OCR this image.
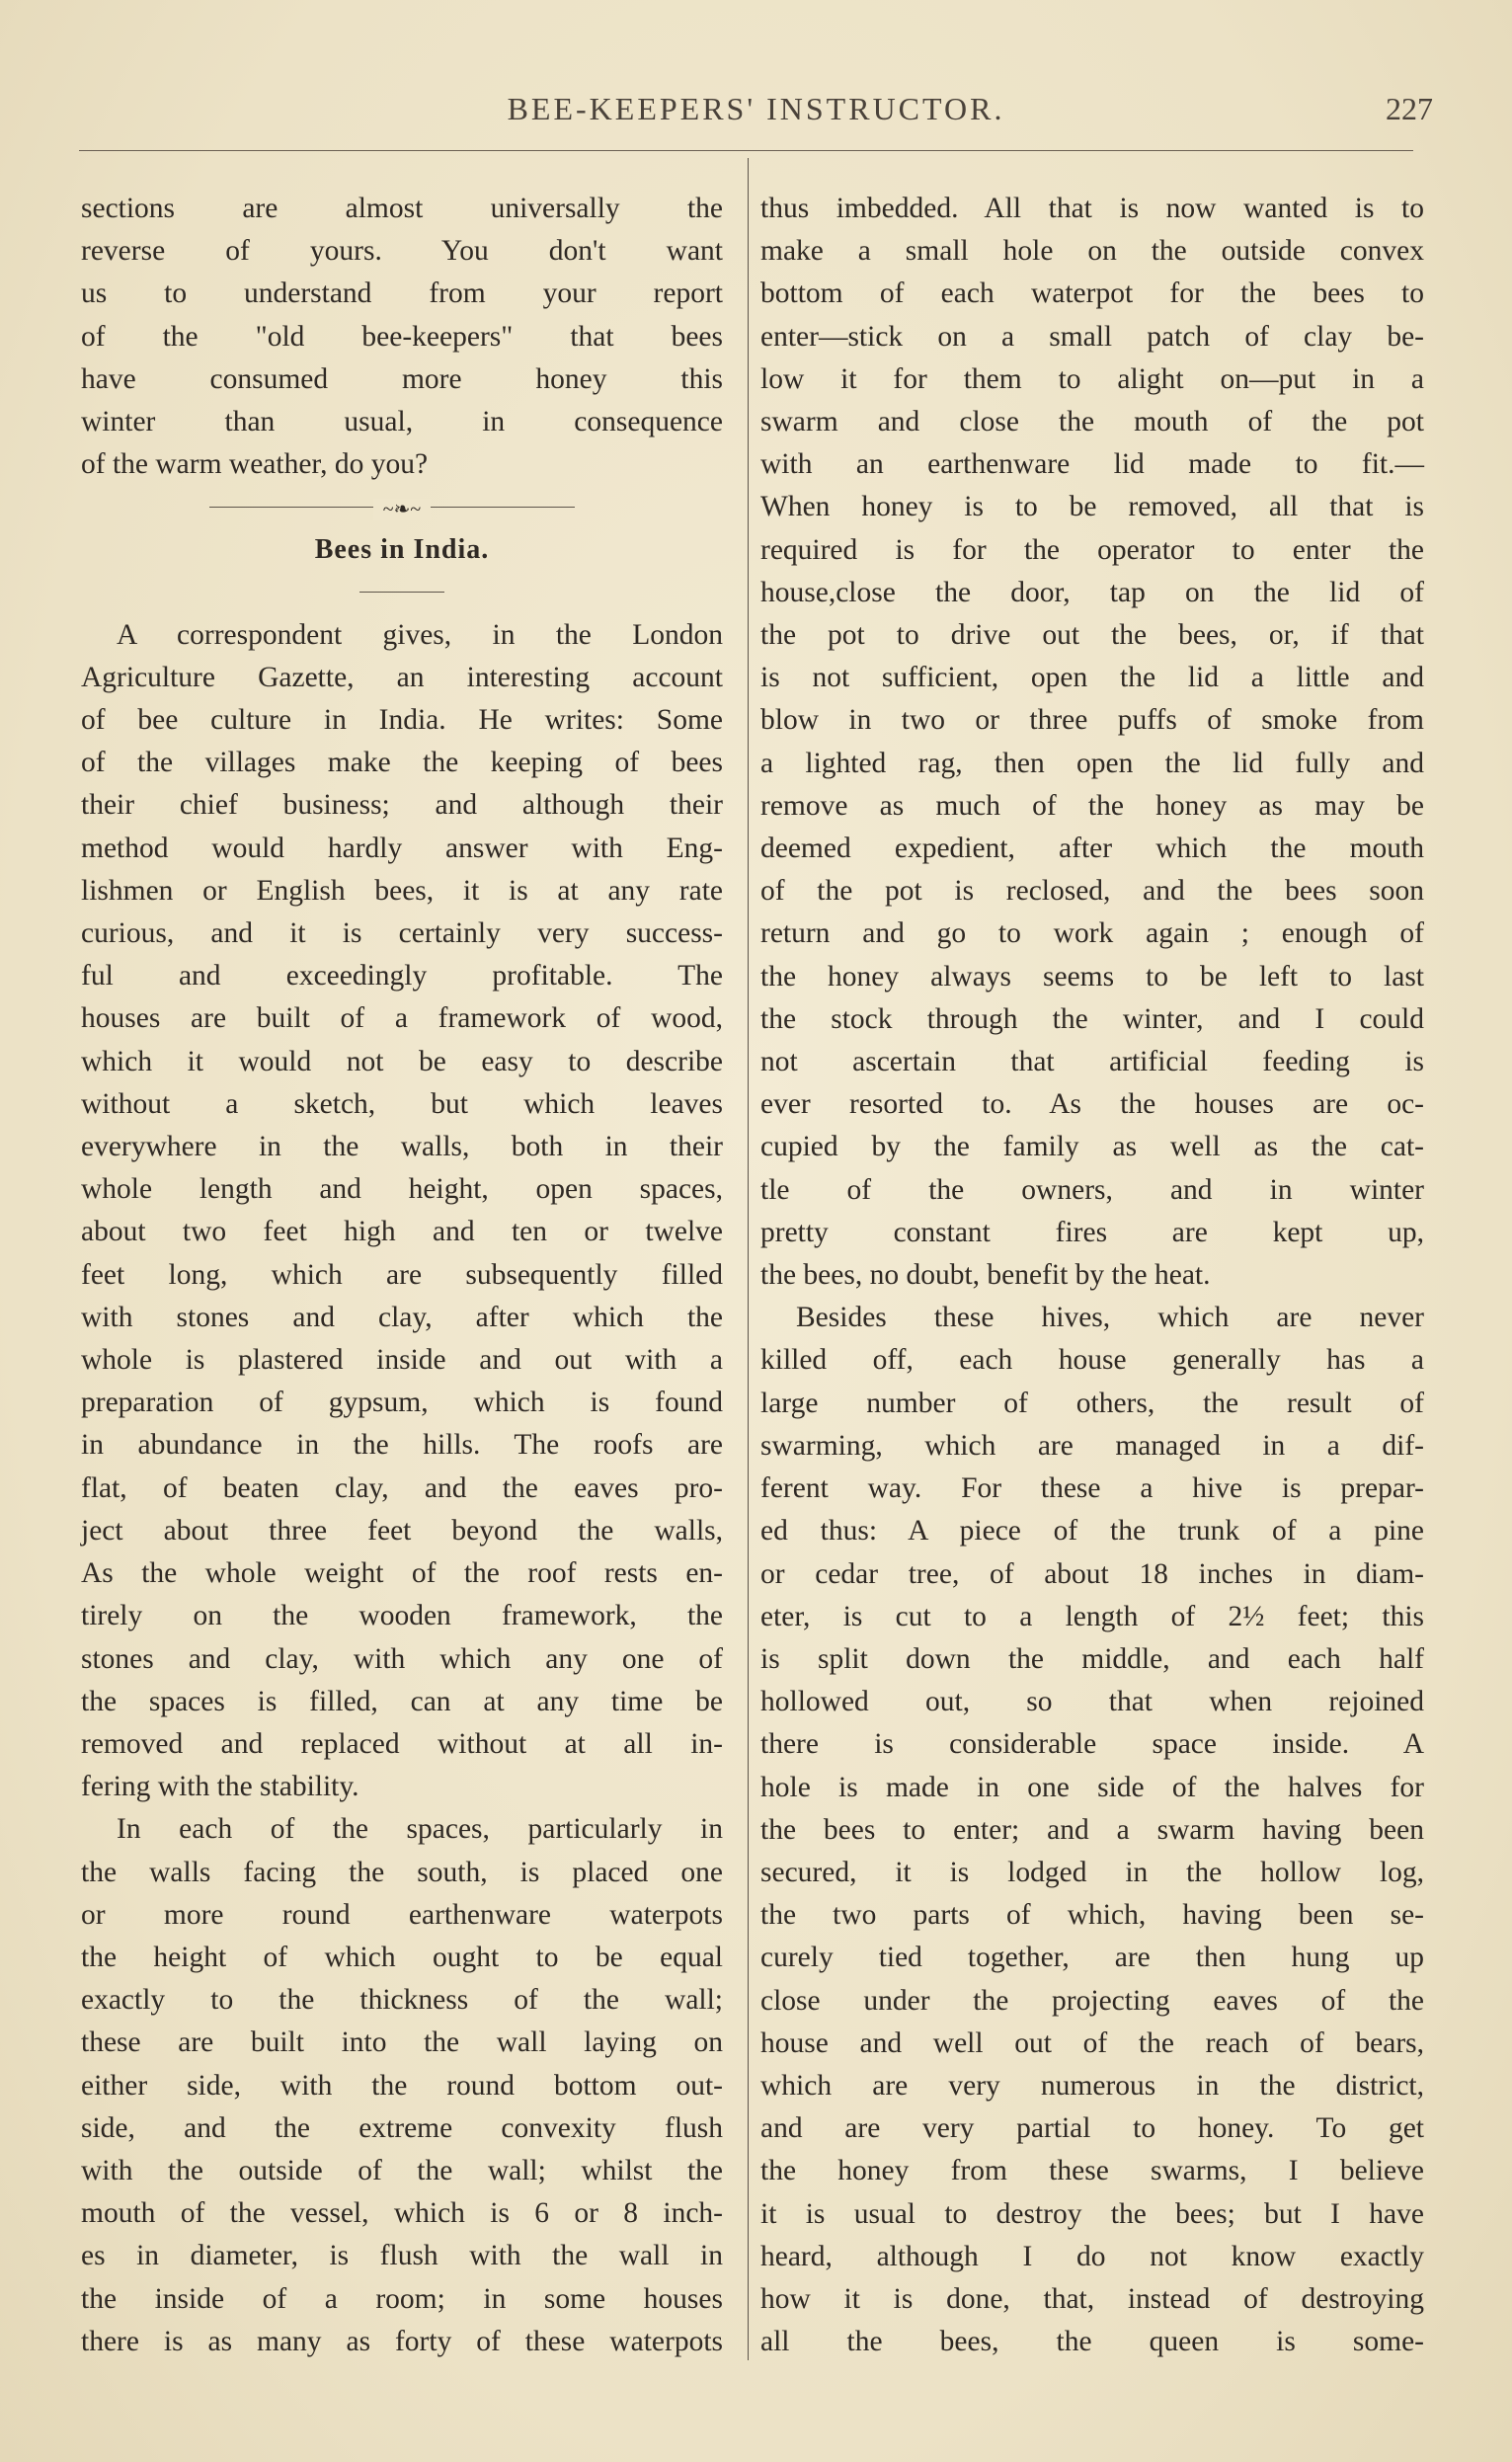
BEE-KEEPERS' INSTRUCTOR.	227
sections are almost universally the
reverse of yours. You don't want
us to understand from your report
of the "old bee-keepers" that bees
have consumed more honey this
winter than usual, in consequence
of the warm weather, do you?
~❧~
Bees in India.
A correspondent gives, in the London
Agriculture Gazette, an interesting account
of bee culture in India. He writes: Some
of the villages make the keeping of bees
their chief business; and although their
method would hardly answer with Eng-
lishmen or English bees, it is at any rate
curious, and it is certainly very success-
ful and exceedingly profitable. The
houses are built of a framework of wood,
which it would not be easy to describe
without a sketch, but which leaves
everywhere in the walls, both in their
whole length and height, open spaces,
about two feet high and ten or twelve
feet long, which are subsequently filled
with stones and clay, after which the
whole is plastered inside and out with a
preparation of gypsum, which is found
in abundance in the hills. The roofs are
flat, of beaten clay, and the eaves pro-
ject about three feet beyond the walls,
As the whole weight of the roof rests en-
tirely on the wooden framework, the
stones and clay, with which any one of
the spaces is filled, can at any time be
removed and replaced without at all in-
fering with the stability.
In each of the spaces, particularly in
the walls facing the south, is placed one
or more round earthenware waterpots
the height of which ought to be equal
exactly to the thickness of the wall;
these are built into the wall laying on
either side, with the round bottom out-
side, and the extreme convexity flush
with the outside of the wall; whilst the
mouth of the vessel, which is 6 or 8 inch-
es in diameter, is flush with the wall in
the inside of a room; in some houses
there is as many as forty of these waterpots
thus imbedded. All that is now wanted is to
make a small hole on the outside convex
bottom of each waterpot for the bees to
enter—stick on a small patch of clay be-
low it for them to alight on—put in a
swarm and close the mouth of the pot
with an earthenware lid made to fit.—
When honey is to be removed, all that is
required is for the operator to enter the
house,close the door, tap on the lid of
the pot to drive out the bees, or, if that
is not sufficient, open the lid a little and
blow in two or three puffs of smoke from
a lighted rag, then open the lid fully and
remove as much of the honey as may be
deemed expedient, after which the mouth
of the pot is reclosed, and the bees soon
return and go to work again ; enough of
the honey always seems to be left to last
the stock through the winter, and I could
not ascertain that artificial feeding is
ever resorted to. As the houses are oc-
cupied by the family as well as the cat-
tle of the owners, and in winter
pretty constant fires are kept up,
the bees, no doubt, benefit by the heat.
Besides these hives, which are never
killed off, each house generally has a
large number of others, the result of
swarming, which are managed in a dif-
ferent way. For these a hive is prepar-
ed thus: A piece of the trunk of a pine
or cedar tree, of about 18 inches in diam-
eter, is cut to a length of 2½ feet; this
is split down the middle, and each half
hollowed out, so that when rejoined
there is considerable space inside. A
hole is made in one side of the halves for
the bees to enter; and a swarm having been
secured, it is lodged in the hollow log,
the two parts of which, having been se-
curely tied together, are then hung up
close under the projecting eaves of the
house and well out of the reach of bears,
which are very numerous in the district,
and are very partial to honey. To get
the honey from these swarms, I believe
it is usual to destroy the bees; but I have
heard, although I do not know exactly
how it is done, that, instead of destroying
all the bees, the queen is some-
